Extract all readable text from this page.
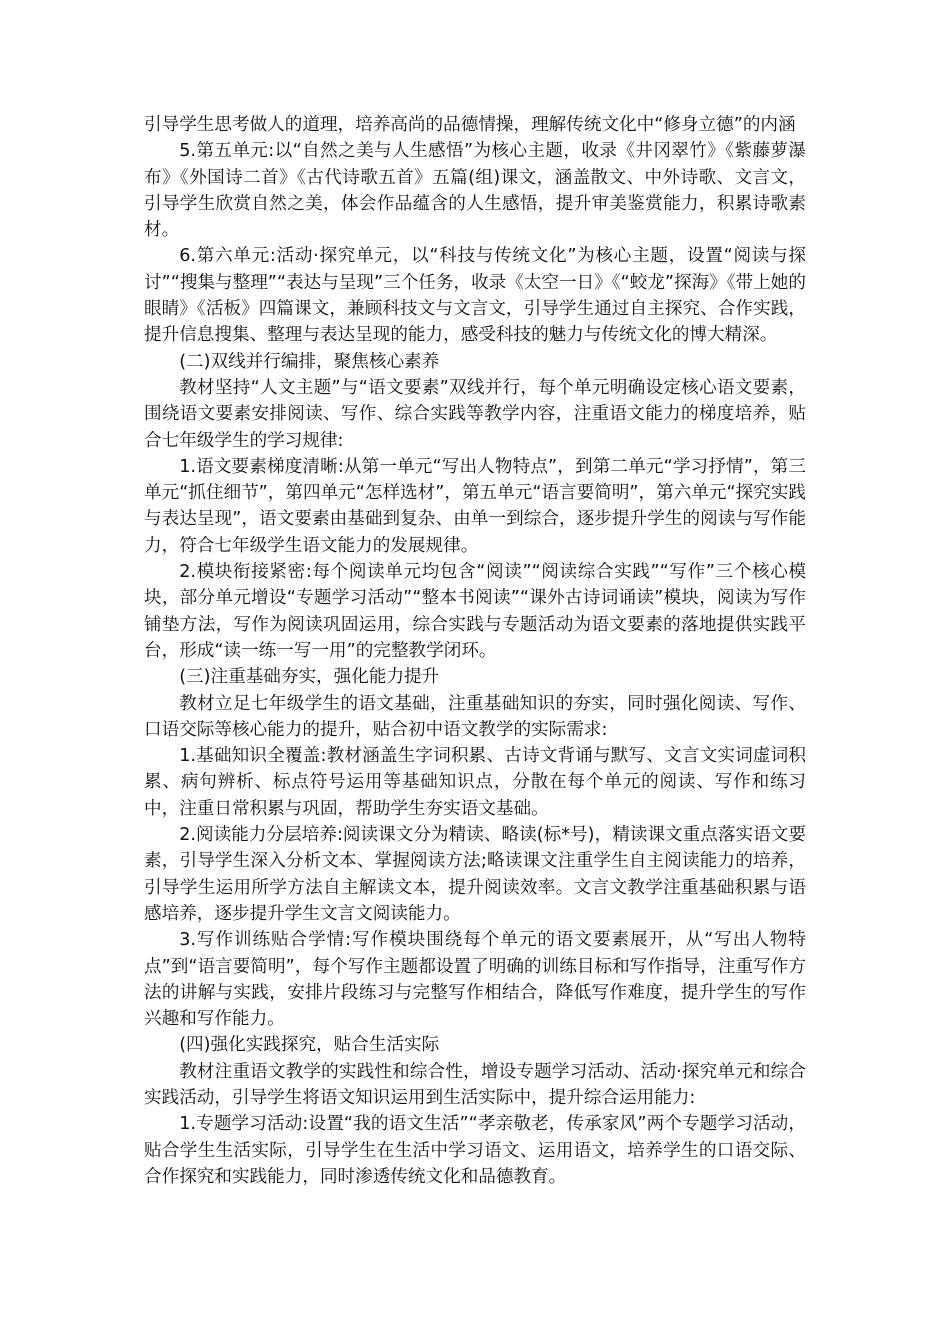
引导学生思考做人的道理，培养高尚的品德情操，理解传统文化中“修身立德”的内涵

5.第五单元:以“自然之美与人生感悟”为核心主题，收录《井冈翠竹》《紫藤萝瀑布》《外国诗二首》《古代诗歌五首》五篇(组)课文，涵盖散文、中外诗歌、文言文，引导学生欣赏自然之美，体会作品蕴含的人生感悟，提升审美鉴赏能力，积累诗歌素材。

6.第六单元:活动·探究单元，以“科技与传统文化”为核心主题，设置“阅读与探讨”“搜集与整理”“表达与呈现”三个任务，收录《太空一日》《“蛟龙”探海》《带上她的眼睛》《活板》四篇课文，兼顾科技文与文言文，引导学生通过自主探究、合作实践，提升信息搜集、整理与表达呈现的能力，感受科技的魅力与传统文化的博大精深。

(二)双线并行编排，聚焦核心素养

教材坚持“人文主题”与“语文要素”双线并行，每个单元明确设定核心语文要素，围绕语文要素安排阅读、写作、综合实践等教学内容，注重语文能力的梯度培养，贴合七年级学生的学习规律:

1.语文要素梯度清晰:从第一单元“写出人物特点”，到第二单元“学习抒情”，第三单元“抓住细节”，第四单元“怎样选材”，第五单元“语言要简明”，第六单元“探究实践与表达呈现”，语文要素由基础到复杂、由单一到综合，逐步提升学生的阅读与写作能力，符合七年级学生语文能力的发展规律。

2.模块衔接紧密:每个阅读单元均包含“阅读”“阅读综合实践”“写作”三个核心模块，部分单元增设“专题学习活动”“整本书阅读”“课外古诗词诵读”模块，阅读为写作铺垫方法，写作为阅读巩固运用，综合实践与专题活动为语文要素的落地提供实践平台，形成“读一练一写一用”的完整教学闭环。

(三)注重基础夯实，强化能力提升

教材立足七年级学生的语文基础，注重基础知识的夯实，同时强化阅读、写作、口语交际等核心能力的提升，贴合初中语文教学的实际需求:

1.基础知识全覆盖:教材涵盖生字词积累、古诗文背诵与默写、文言文实词虚词积累、病句辨析、标点符号运用等基础知识点，分散在每个单元的阅读、写作和练习中，注重日常积累与巩固，帮助学生夯实语文基础。

2.阅读能力分层培养:阅读课文分为精读、略读(标*号)，精读课文重点落实语文要素，引导学生深入分析文本、掌握阅读方法;略读课文注重学生自主阅读能力的培养，引导学生运用所学方法自主解读文本，提升阅读效率。文言文教学注重基础积累与语感培养，逐步提升学生文言文阅读能力。

3.写作训练贴合学情:写作模块围绕每个单元的语文要素展开，从“写出人物特点”到“语言要简明”，每个写作主题都设置了明确的训练目标和写作指导，注重写作方法的讲解与实践，安排片段练习与完整写作相结合，降低写作难度，提升学生的写作兴趣和写作能力。

(四)强化实践探究，贴合生活实际

教材注重语文教学的实践性和综合性，增设专题学习活动、活动·探究单元和综合实践活动，引导学生将语文知识运用到生活实际中，提升综合运用能力:

1.专题学习活动:设置“我的语文生活”“孝亲敬老，传承家风”两个专题学习活动，贴合学生生活实际，引导学生在生活中学习语文、运用语文，培养学生的口语交际、合作探究和实践能力，同时渗透传统文化和品德教育。
